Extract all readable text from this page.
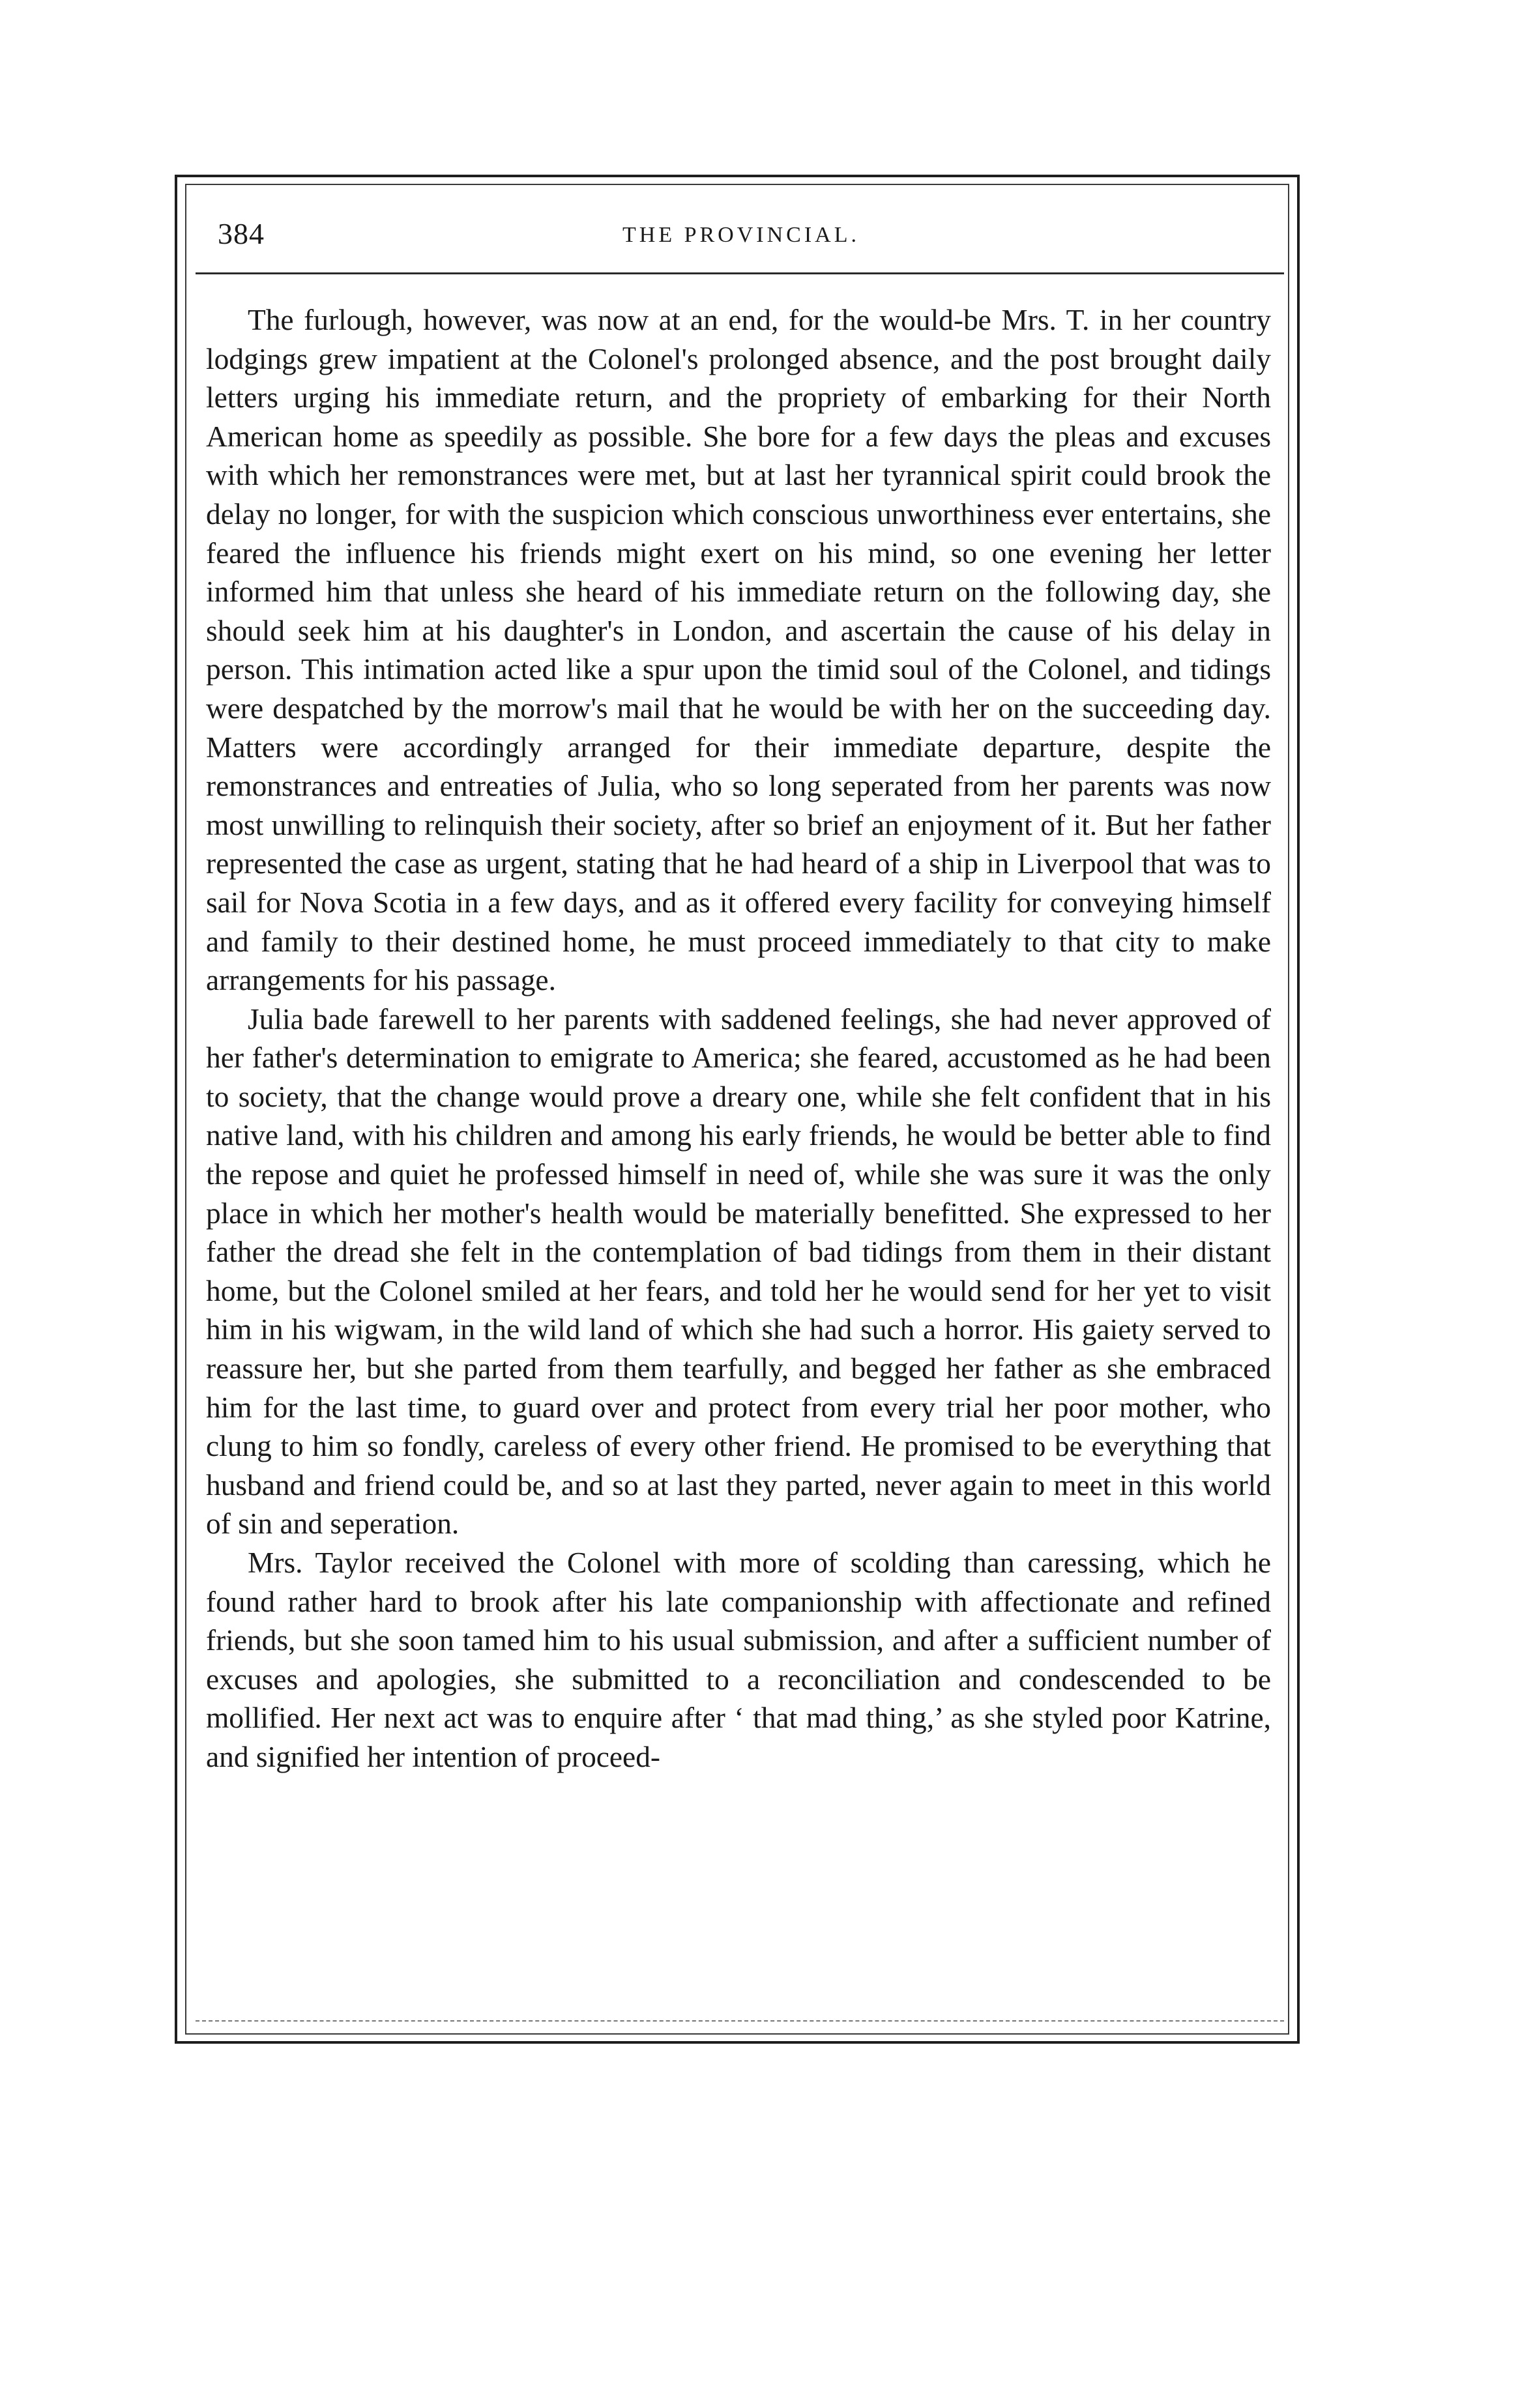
384	THE PROVINCIAL.

The furlough, however, was now at an end, for the would-be Mrs. T. in her country lodgings grew impatient at the Colonel's prolonged absence, and the post brought daily letters urging his immediate return, and the propriety of embarking for their North American home as speedily as possible. She bore for a few days the pleas and excuses with which her remonstrances were met, but at last her tyrannical spirit could brook the delay no longer, for with the suspicion which conscious unworthiness ever entertains, she feared the influence his friends might exert on his mind, so one evening her letter informed him that unless she heard of his immediate return on the following day, she should seek him at his daughter's in London, and ascertain the cause of his delay in person. This intimation acted like a spur upon the timid soul of the Colonel, and tidings were despatched by the morrow's mail that he would be with her on the succeeding day. Matters were accordingly arranged for their immediate departure, despite the remonstrances and entreaties of Julia, who so long seperated from her parents was now most unwilling to relinquish their society, after so brief an enjoyment of it. But her father represented the case as urgent, stating that he had heard of a ship in Liverpool that was to sail for Nova Scotia in a few days, and as it offered every facility for conveying himself and family to their destined home, he must proceed immediately to that city to make arrangements for his passage.

Julia bade farewell to her parents with saddened feelings, she had never approved of her father's determination to emigrate to America; she feared, accustomed as he had been to society, that the change would prove a dreary one, while she felt confident that in his native land, with his children and among his early friends, he would be better able to find the repose and quiet he professed himself in need of, while she was sure it was the only place in which her mother's health would be materially benefitted. She expressed to her father the dread she felt in the contemplation of bad tidings from them in their distant home, but the Colonel smiled at her fears, and told her he would send for her yet to visit him in his wigwam, in the wild land of which she had such a horror. His gaiety served to reassure her, but she parted from them tearfully, and begged her father as she embraced him for the last time, to guard over and protect from every trial her poor mother, who clung to him so fondly, careless of every other friend. He promised to be everything that husband and friend could be, and so at last they parted, never again to meet in this world of sin and seperation.

Mrs. Taylor received the Colonel with more of scolding than caressing, which he found rather hard to brook after his late companionship with affectionate and refined friends, but she soon tamed him to his usual submission, and after a sufficient number of excuses and apologies, she submitted to a reconciliation and condescended to be mollified. Her next act was to enquire after ‘ that mad thing,’ as she styled poor Katrine, and signified her intention of proceed-
